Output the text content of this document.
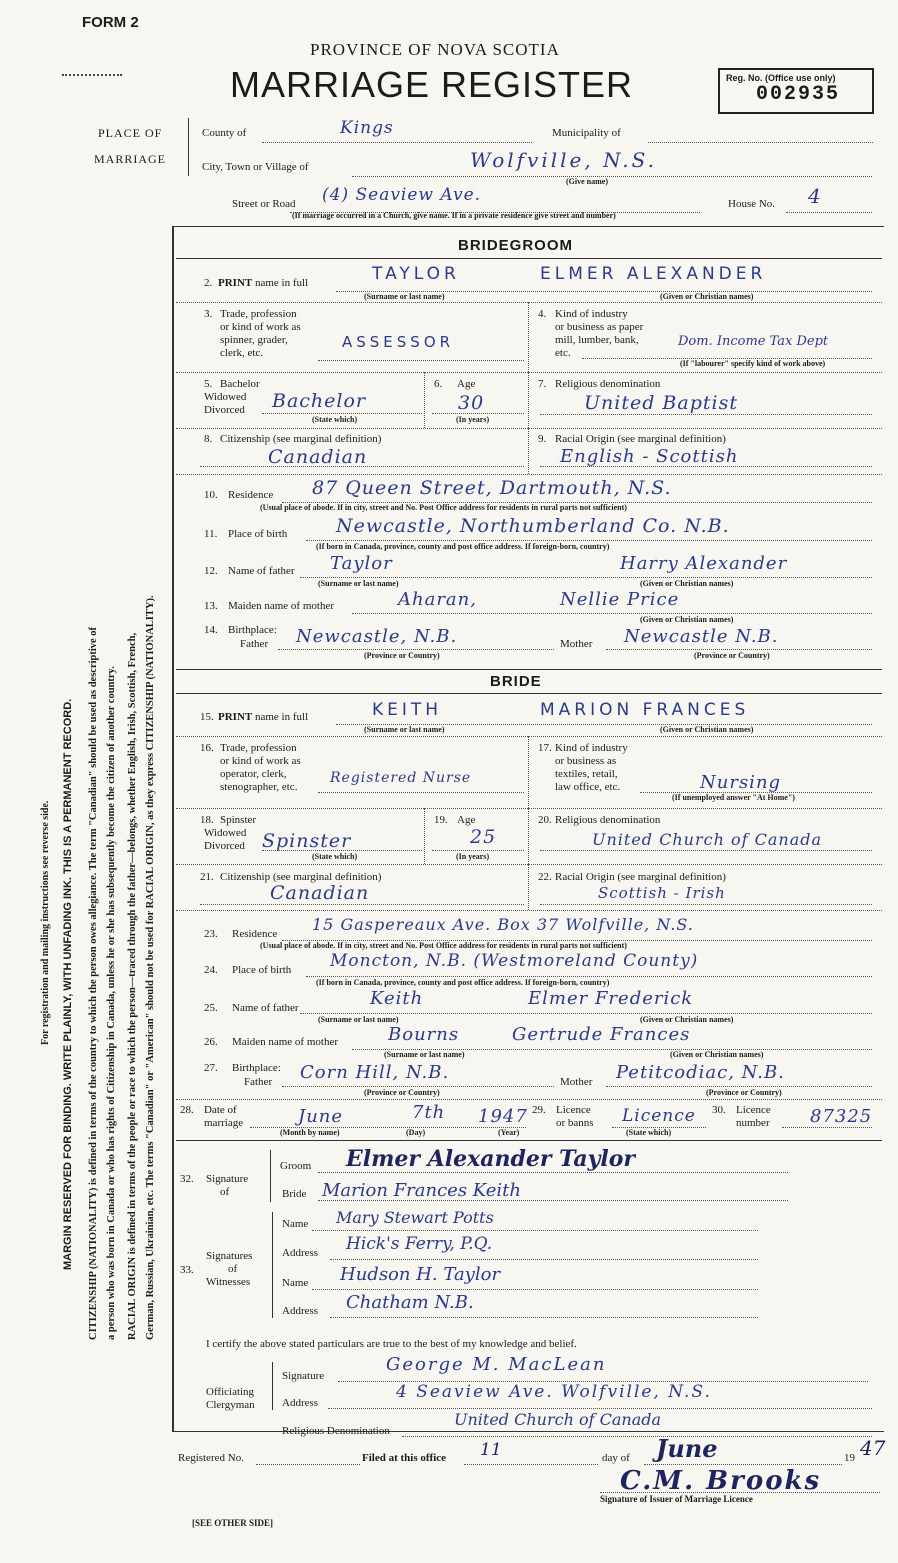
FORM 2
PROVINCE OF NOVA SCOTIA
MARRIAGE REGISTER	Reg. No. (Office use only)
002935
For registration and mailing instructions see reverse side. MARGIN RESERVED FOR BINDING. WRITE PLAINLY, WITH UNFADING INK. THIS IS A PERMANENT RECORD. CITIZENSHIP (NATIONALITY) is defined in terms of the country to which the person owes allegiance. The term "Canadian" should be used as descriptive of a person who was born in Canada or who has rights of Citizenship in Canada, unless he or she has subsequently become the citizen of another country. RACIAL ORIGIN is defined in terms of the people or race to which the person—traced through the father—belongs, whether English, Irish, Scottish, French, German, Russian, Ukrainian, etc. The terms "Canadian" or "American" should not be used for RACIAL ORIGIN, as they express CITIZENSHIP (NATIONALITY).
PLACE OF
MARRIAGE
County of	Kings	Municipality of
City, Town or Village of	Wolfville, N.S.
(Give name)
Street or Road (4) Seaview Ave.	House No. 4
(If marriage occurred in a Church, give name. If in a private residence give street and number)
BRIDEGROOM
2. PRINT name in full	TAYLOR	ELMER ALEXANDER
(Surname or last name)	(Given or Christian names)
3. Trade, profession
or kind of work as
spinner, grader,
clerk, etc.
ASSESSOR
4. Kind of industry
or business as paper
mill, lumber, bank,
etc.
Dom. Income Tax Dept
(If "labourer" specify kind of work above)
5. Bachelor
Widowed
Divorced Bachelor
(State which)
6. Age
30
(In years)
7. Religious denomination
United Baptist
8. Citizenship (see marginal definition)
Canadian
9. Racial Origin (see marginal definition)
English - Scottish
10. Residence 87 Queen Street, Dartmouth, N.S.
(Usual place of abode. If in city, street and No. Post Office address for residents in rural parts not sufficient)
11. Place of birth	Newcastle, Northumberland Co. N.B.
(If born in Canada, province, county and post office address. If foreign-born, country)
12. Name of father Taylor	Harry Alexander
(Surname or last name)	(Given or Christian names)
13. Maiden name of mother	Aharan,	Nellie Price
(Given or Christian names)
14. Birthplace:
Father Newcastle, N.B.	Mother Newcastle N.B.
(Province or Country)	(Province or Country)
BRIDE
15. PRINT name in full	KEITH	MARION FRANCES
(Surname or last name)	(Given or Christian names)
16. Trade, profession
or kind of work as
operator, clerk,
stenographer, etc.
Registered Nurse
17. Kind of industry
or business as
textiles, retail,
law office, etc.	Nursing
(If unemployed answer "At Home")
18. Spinster
Widowed
Divorced Spinster
(State which)
19. Age
25
(In years)
20. Religious denomination
United Church of Canada
21. Citizenship (see marginal definition)
Canadian
22. Racial Origin (see marginal definition)
Scottish - Irish
23. Residence 15 Gaspereaux Ave. Box 37 Wolfville, N.S.
(Usual place of abode. If in city, street and No. Post Office address for residents in rural parts not sufficient)
24. Place of birth Moncton, N.B. (Westmoreland County)
(If born in Canada, province, county and post office address. If foreign-born, country)
25. Name of father	Keith	Elmer Frederick
(Surname or last name)	(Given or Christian names)
26. Maiden name of mother	Bourns	Gertrude Frances
(Surname or last name)	(Given or Christian names)
27. Birthplace:
Father Corn Hill, N.B.	Mother Petitcodiac, N.B.
(Province or Country)	(Province or Country)
28. Date of
marriage	June	7th 1947
(Month by name)	(Day)	(Year)
29. Licence
or banns Licence
(State which)
30. Licence
number 87325
32. Signature
of
Groom Elmer Alexander Taylor
Bride Marion Frances Keith
33.
Signatures
of
Witnesses
Name Mary Stewart Potts
Address Hick's Ferry, P.Q.
Name Hudson H. Taylor
Address Chatham N.B.
I certify the above stated particulars are true to the best of my knowledge and belief.
Officiating
Clergyman
Signature
George M. MacLean
Address
4 Seaview Ave. Wolfville, N.S.
Religious Denomination
United Church of Canada
Registered No.	Filed at this office 11	day of June	19 47
C.M. Brooks
Signature of Issuer of Marriage Licence
[SEE OTHER SIDE]
